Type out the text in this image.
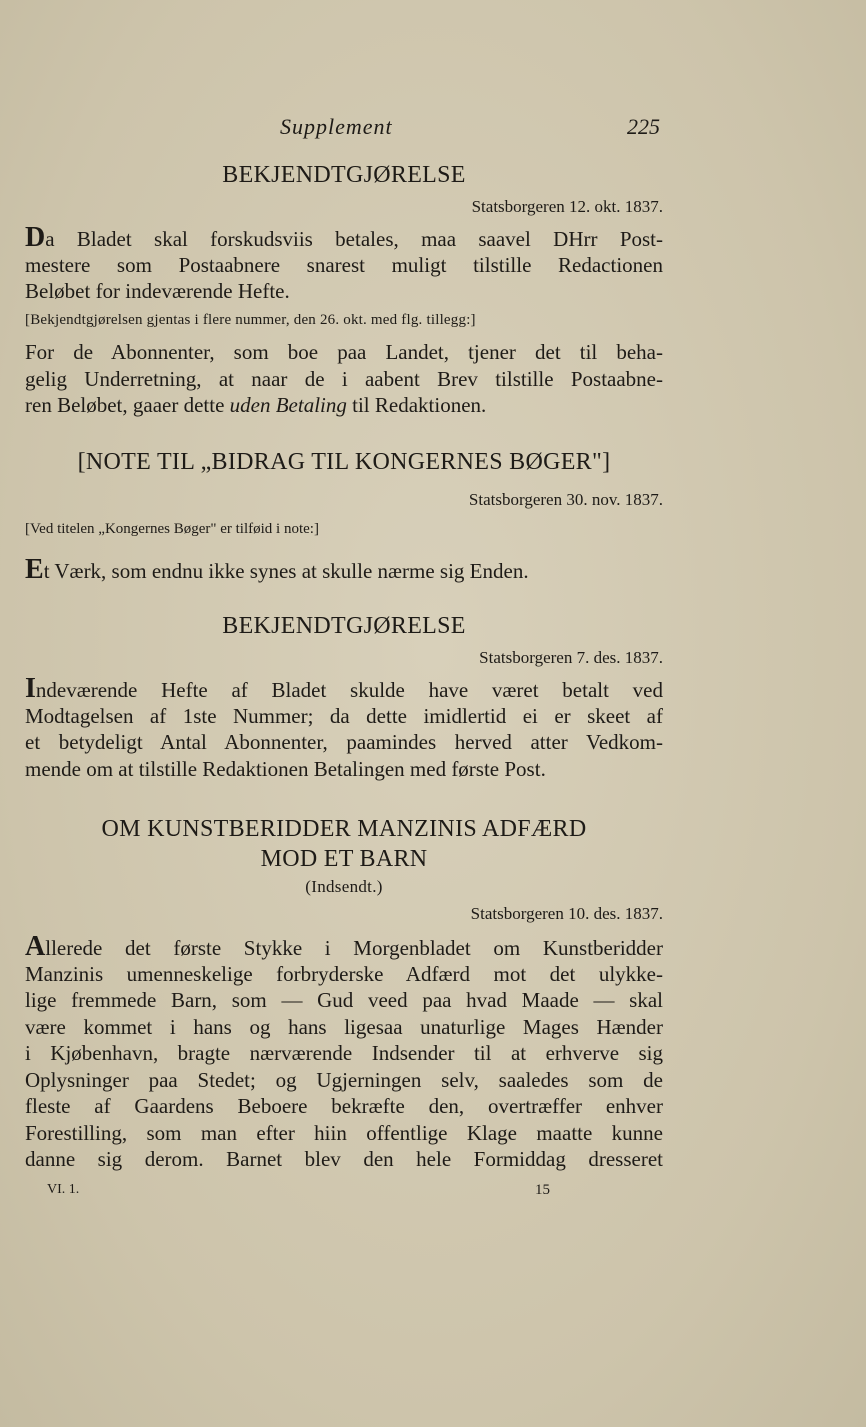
Supplement	225
BEKJENDTGJØRELSE
Statsborgeren 12. okt. 1837.
Da Bladet skal forskudsviis betales, maa saavel DHrr Post-
mestere som Postaabnere snarest muligt tilstille Redactionen
Beløbet for indeværende Hefte.
[Bekjendtgjørelsen gjentas i flere nummer, den 26. okt. med flg. tillegg:]
For de Abonnenter, som boe paa Landet, tjener det til beha-
gelig Underretning, at naar de i aabent Brev tilstille Postaabne-
ren Beløbet, gaaer dette uden Betaling til Redaktionen.
[NOTE TIL „BIDRAG TIL KONGERNES BØGER"]
Statsborgeren 30. nov. 1837.
[Ved titelen „Kongernes Bøger" er tilføid i note:]
Et Værk, som endnu ikke synes at skulle nærme sig Enden.
BEKJENDTGJØRELSE
Statsborgeren 7. des. 1837.
Indeværende Hefte af Bladet skulde have været betalt ved
Modtagelsen af 1ste Nummer; da dette imidlertid ei er skeet af
et betydeligt Antal Abonnenter, paamindes herved atter Vedkom-
mende om at tilstille Redaktionen Betalingen med første Post.
OM KUNSTBERIDDER MANZINIS ADFÆRD
MOD ET BARN
(Indsendt.)
Statsborgeren 10. des. 1837.
Allerede det første Stykke i Morgenbladet om Kunstberidder
Manzinis umenneskelige forbryderske Adfærd mot det ulykke-
lige fremmede Barn, som — Gud veed paa hvad Maade — skal
være kommet i hans og hans ligesaa unaturlige Mages Hænder
i Kjøbenhavn, bragte nærværende Indsender til at erhverve sig
Oplysninger paa Stedet; og Ugjerningen selv, saaledes som de
fleste af Gaardens Beboere bekræfte den, overtræffer enhver
Forestilling, som man efter hiin offentlige Klage maatte kunne
danne sig derom. Barnet blev den hele Formiddag dresseret
VI. 1.	15
